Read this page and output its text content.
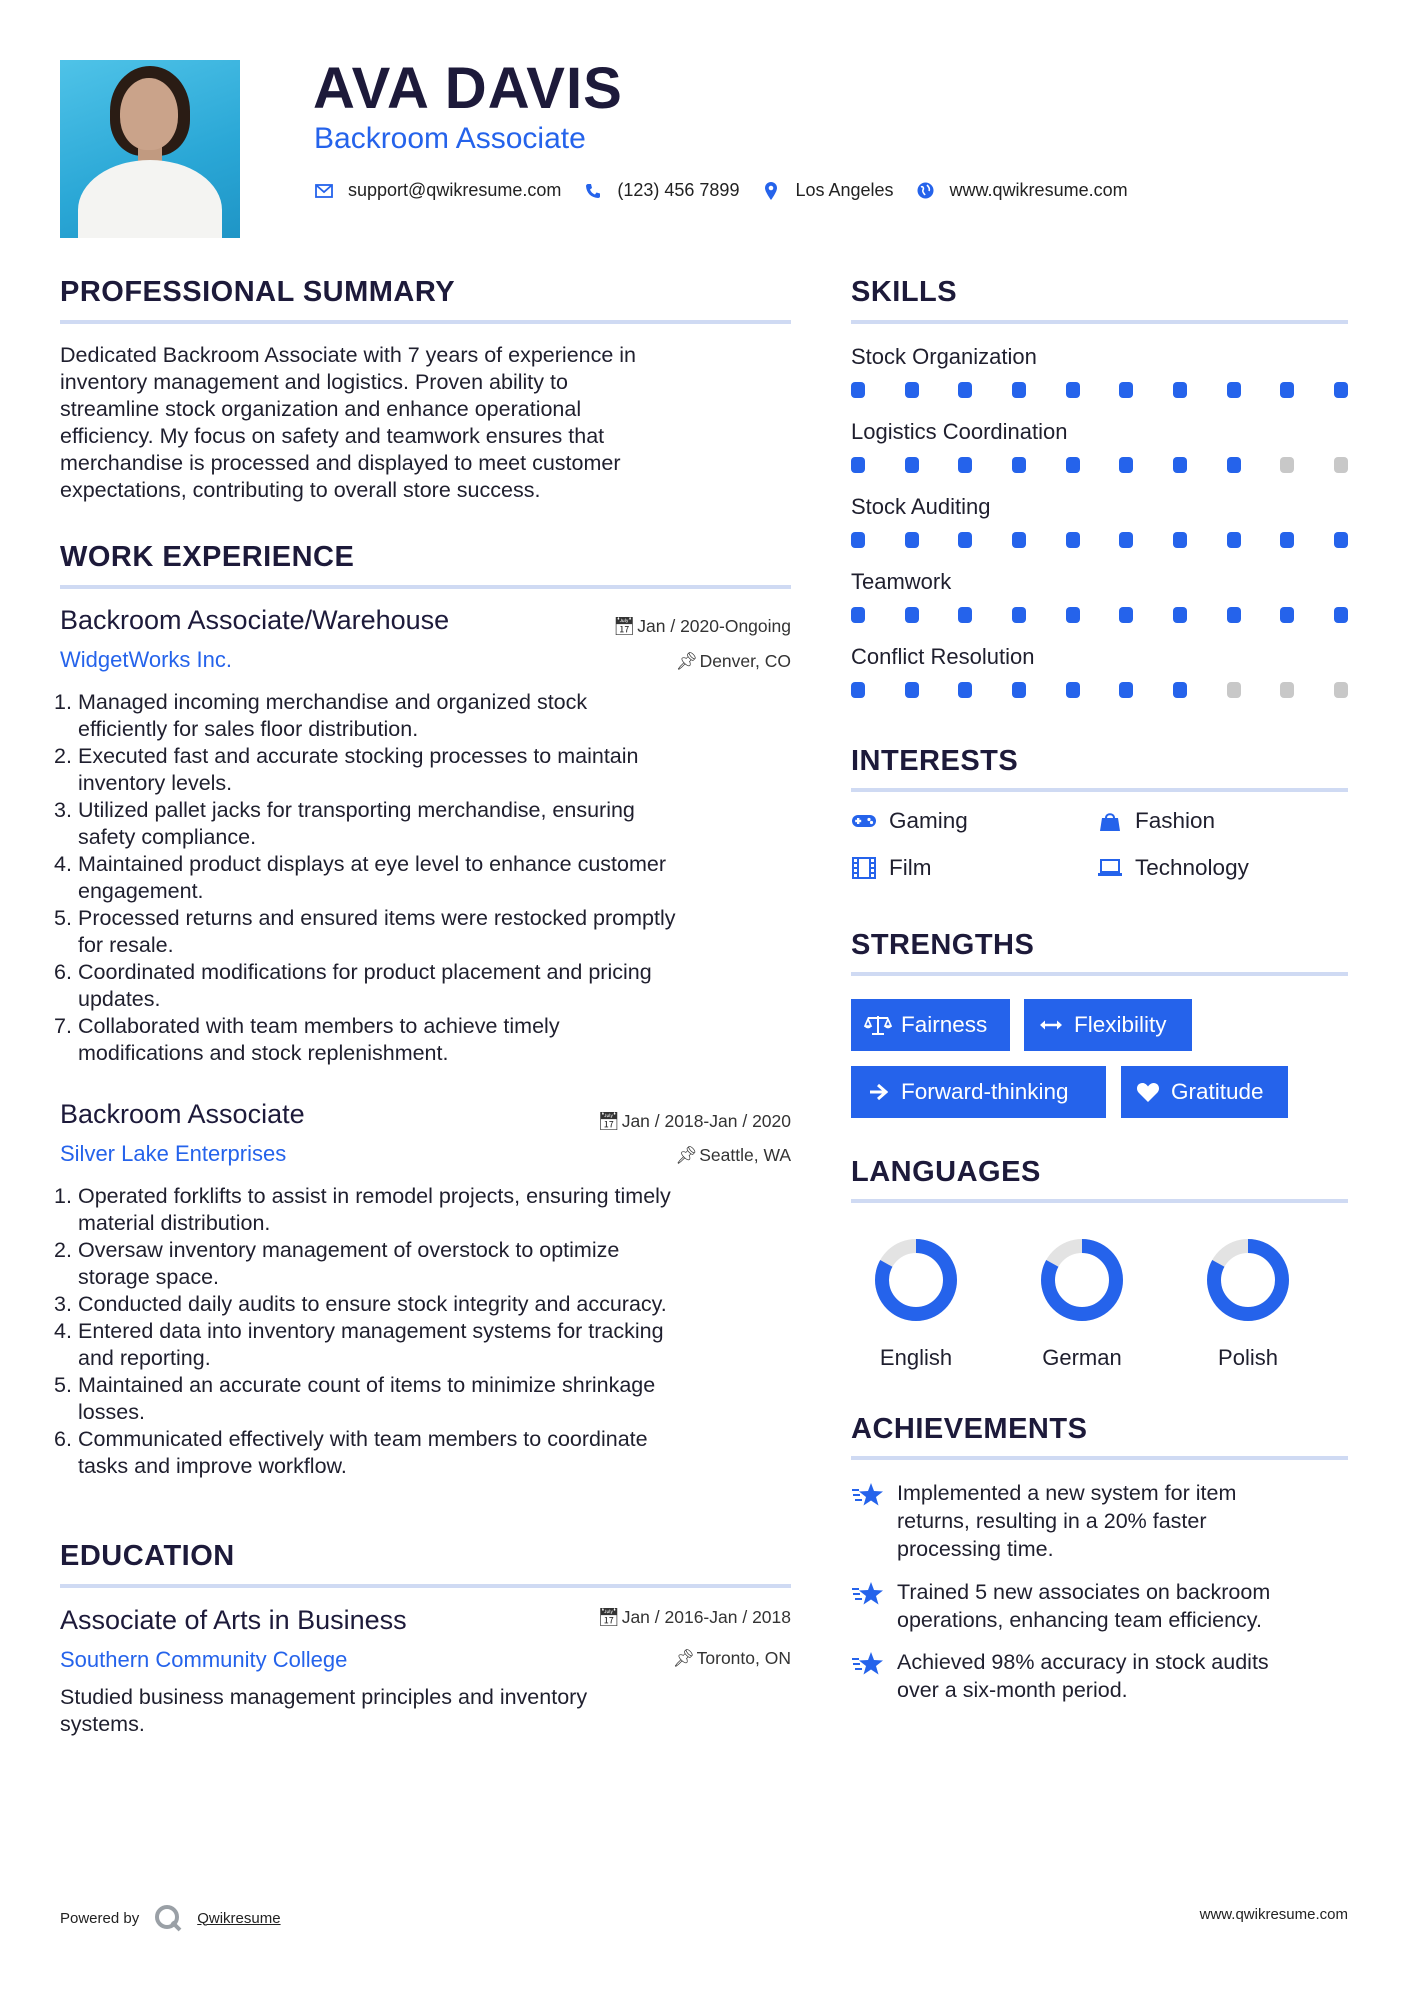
AVA DAVIS
Backroom Associate
support@qwikresume.com	(123) 456 7899	Los Angeles	www.qwikresume.com
PROFESSIONAL SUMMARY
Dedicated Backroom Associate with 7 years of experience in
inventory management and logistics. Proven ability to
streamline stock organization and enhance operational
efficiency. My focus on safety and teamwork ensures that
merchandise is processed and displayed to meet customer
expectations, contributing to overall store success.
WORK EXPERIENCE
Backroom Associate/Warehouse	📅︎ Jan / 2020-Ongoing
WidgetWorks Inc.	📌︎ Denver, CO
1. Managed incoming merchandise and organized stock
efficiently for sales floor distribution.
2. Executed fast and accurate stocking processes to maintain
inventory levels.
3. Utilized pallet jacks for transporting merchandise, ensuring
safety compliance.
4. Maintained product displays at eye level to enhance customer
engagement.
5. Processed returns and ensured items were restocked promptly
for resale.
6. Coordinated modifications for product placement and pricing
updates.
7. Collaborated with team members to achieve timely
modifications and stock replenishment.
Backroom Associate	📅︎ Jan / 2018-Jan / 2020
Silver Lake Enterprises	📌︎ Seattle, WA
1. Operated forklifts to assist in remodel projects, ensuring timely
material distribution.
2. Oversaw inventory management of overstock to optimize
storage space.
3. Conducted daily audits to ensure stock integrity and accuracy.
4. Entered data into inventory management systems for tracking
and reporting.
5. Maintained an accurate count of items to minimize shrinkage
losses.
6. Communicated effectively with team members to coordinate
tasks and improve workflow.
EDUCATION
Associate of Arts in Business	📅︎ Jan / 2016-Jan / 2018
Southern Community College	📌︎ Toronto, ON
Studied business management principles and inventory
systems.
SKILLS
Stock Organization
Logistics Coordination
Stock Auditing
Teamwork
Conflict Resolution
INTERESTS
Gaming	Fashion
Film	Technology
STRENGTHS
Fairness	Flexibility
Forward-thinking	Gratitude
LANGUAGES
English	German	Polish
ACHIEVEMENTS
Implemented a new system for item
returns, resulting in a 20% faster
processing time.
Trained 5 new associates on backroom
operations, enhancing team efficiency.
Achieved 98% accuracy in stock audits
over a six-month period.
Powered by	Qwikresume	www.qwikresume.com
